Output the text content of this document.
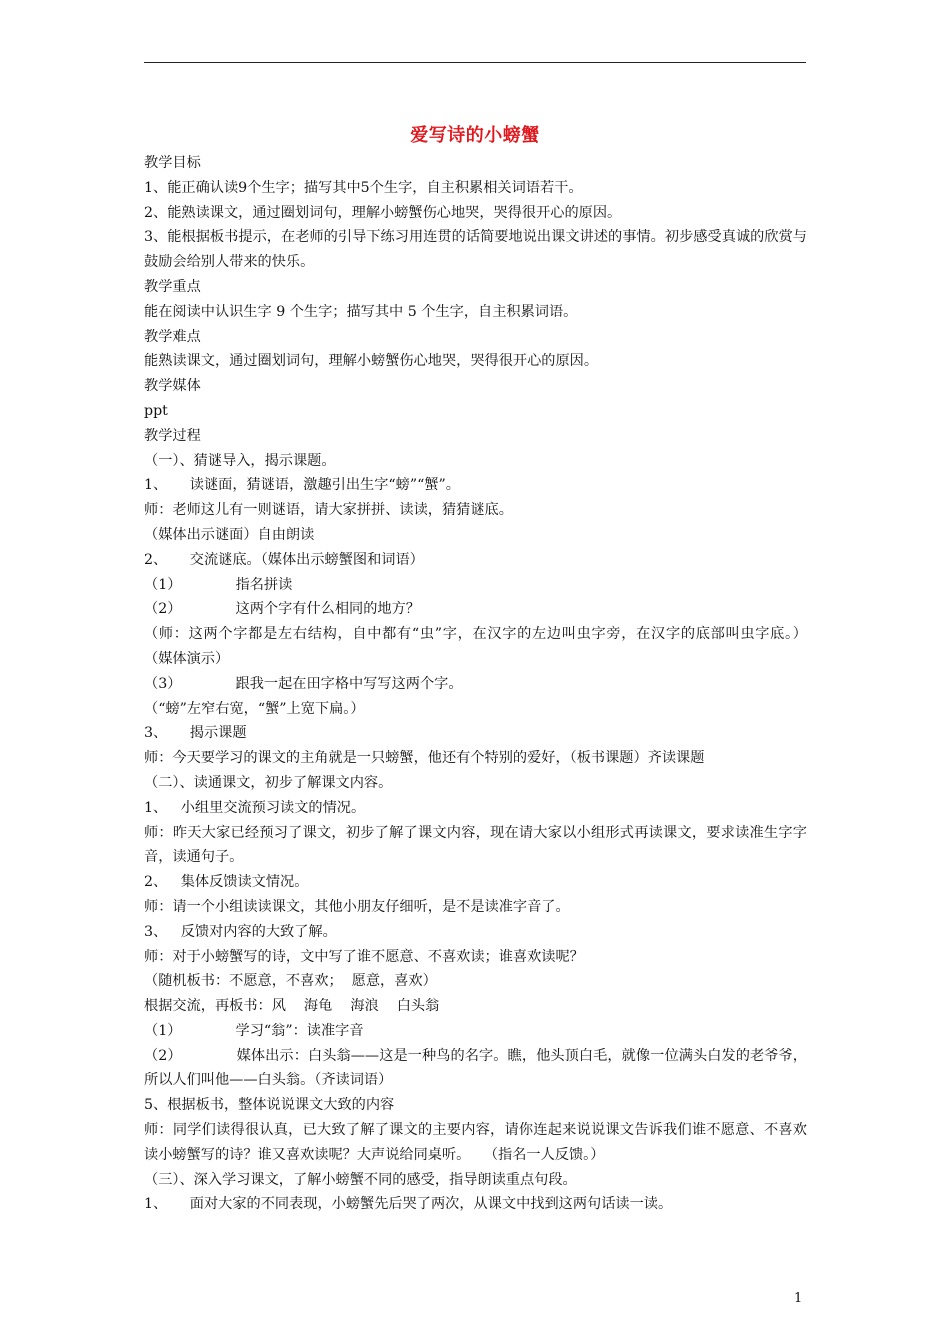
爱写诗的小螃蟹

教学目标

1、能正确认读9个生字；描写其中5个生字，自主积累相关词语若干。

2、能熟读课文，通过圈划词句，理解小螃蟹伤心地哭，哭得很开心的原因。

3、能根据板书提示，在老师的引导下练习用连贯的话简要地说出课文讲述的事情。初步感受真诚的欣赏与鼓励会给别人带来的快乐。

教学重点

能在阅读中认识生字 9 个生字；描写其中 5 个生字，自主积累词语。

教学难点

能熟读课文，通过圈划词句，理解小螃蟹伤心地哭，哭得很开心的原因。

教学媒体

ppt

教学过程

（一）、猜谜导入，揭示课题。

1、     读谜面，猜谜语，激趣引出生字“螃”“蟹”。

师：老师这儿有一则谜语，请大家拼拼、读读，猜猜谜底。

（媒体出示谜面）自由朗读

2、     交流谜底。（媒体出示螃蟹图和词语）

（1）            指名拼读

（2）            这两个字有什么相同的地方？

（师：这两个字都是左右结构，自中都有“虫”字，在汉字的左边叫虫字旁，在汉字的底部叫虫字底。）    （媒体演示）

（3）            跟我一起在田字格中写写这两个字。

（“螃”左窄右宽，“蟹”上宽下扁。）

3、     揭示课题

师：今天要学习的课文的主角就是一只螃蟹，他还有个特别的爱好，（板书课题）齐读课题

（二）、读通课文，初步了解课文内容。

1、   小组里交流预习读文的情况。

师：昨天大家已经预习了课文，初步了解了课文内容，现在请大家以小组形式再读课文，要求读准生字字音，读通句子。

2、   集体反馈读文情况。

师：请一个小组读读课文，其他小朋友仔细听，是不是读准字音了。

3、   反馈对内容的大致了解。

师：对于小螃蟹写的诗，文中写了谁不愿意、不喜欢读；谁喜欢读呢？

（随机板书：不愿意，不喜欢；  愿意，喜欢）

根据交流，再板书：风    海龟    海浪    白头翁

（1）            学习“翁”：读准字音

（2）            媒体出示：白头翁——这是一种鸟的名字。瞧，他头顶白毛，就像一位满头白发的老爷爷，所以人们叫他——白头翁。（齐读词语）

5、根据板书，整体说说课文大致的内容

师：同学们读得很认真，已大致了解了课文的主要内容，请你连起来说说课文告诉我们谁不愿意、不喜欢读小螃蟹写的诗？谁又喜欢读呢？大声说给同桌听。   （指名一人反馈。）

（三）、深入学习课文，了解小螃蟹不同的感受，指导朗读重点句段。

1、     面对大家的不同表现，小螃蟹先后哭了两次，从课文中找到这两句话读一读。

1
